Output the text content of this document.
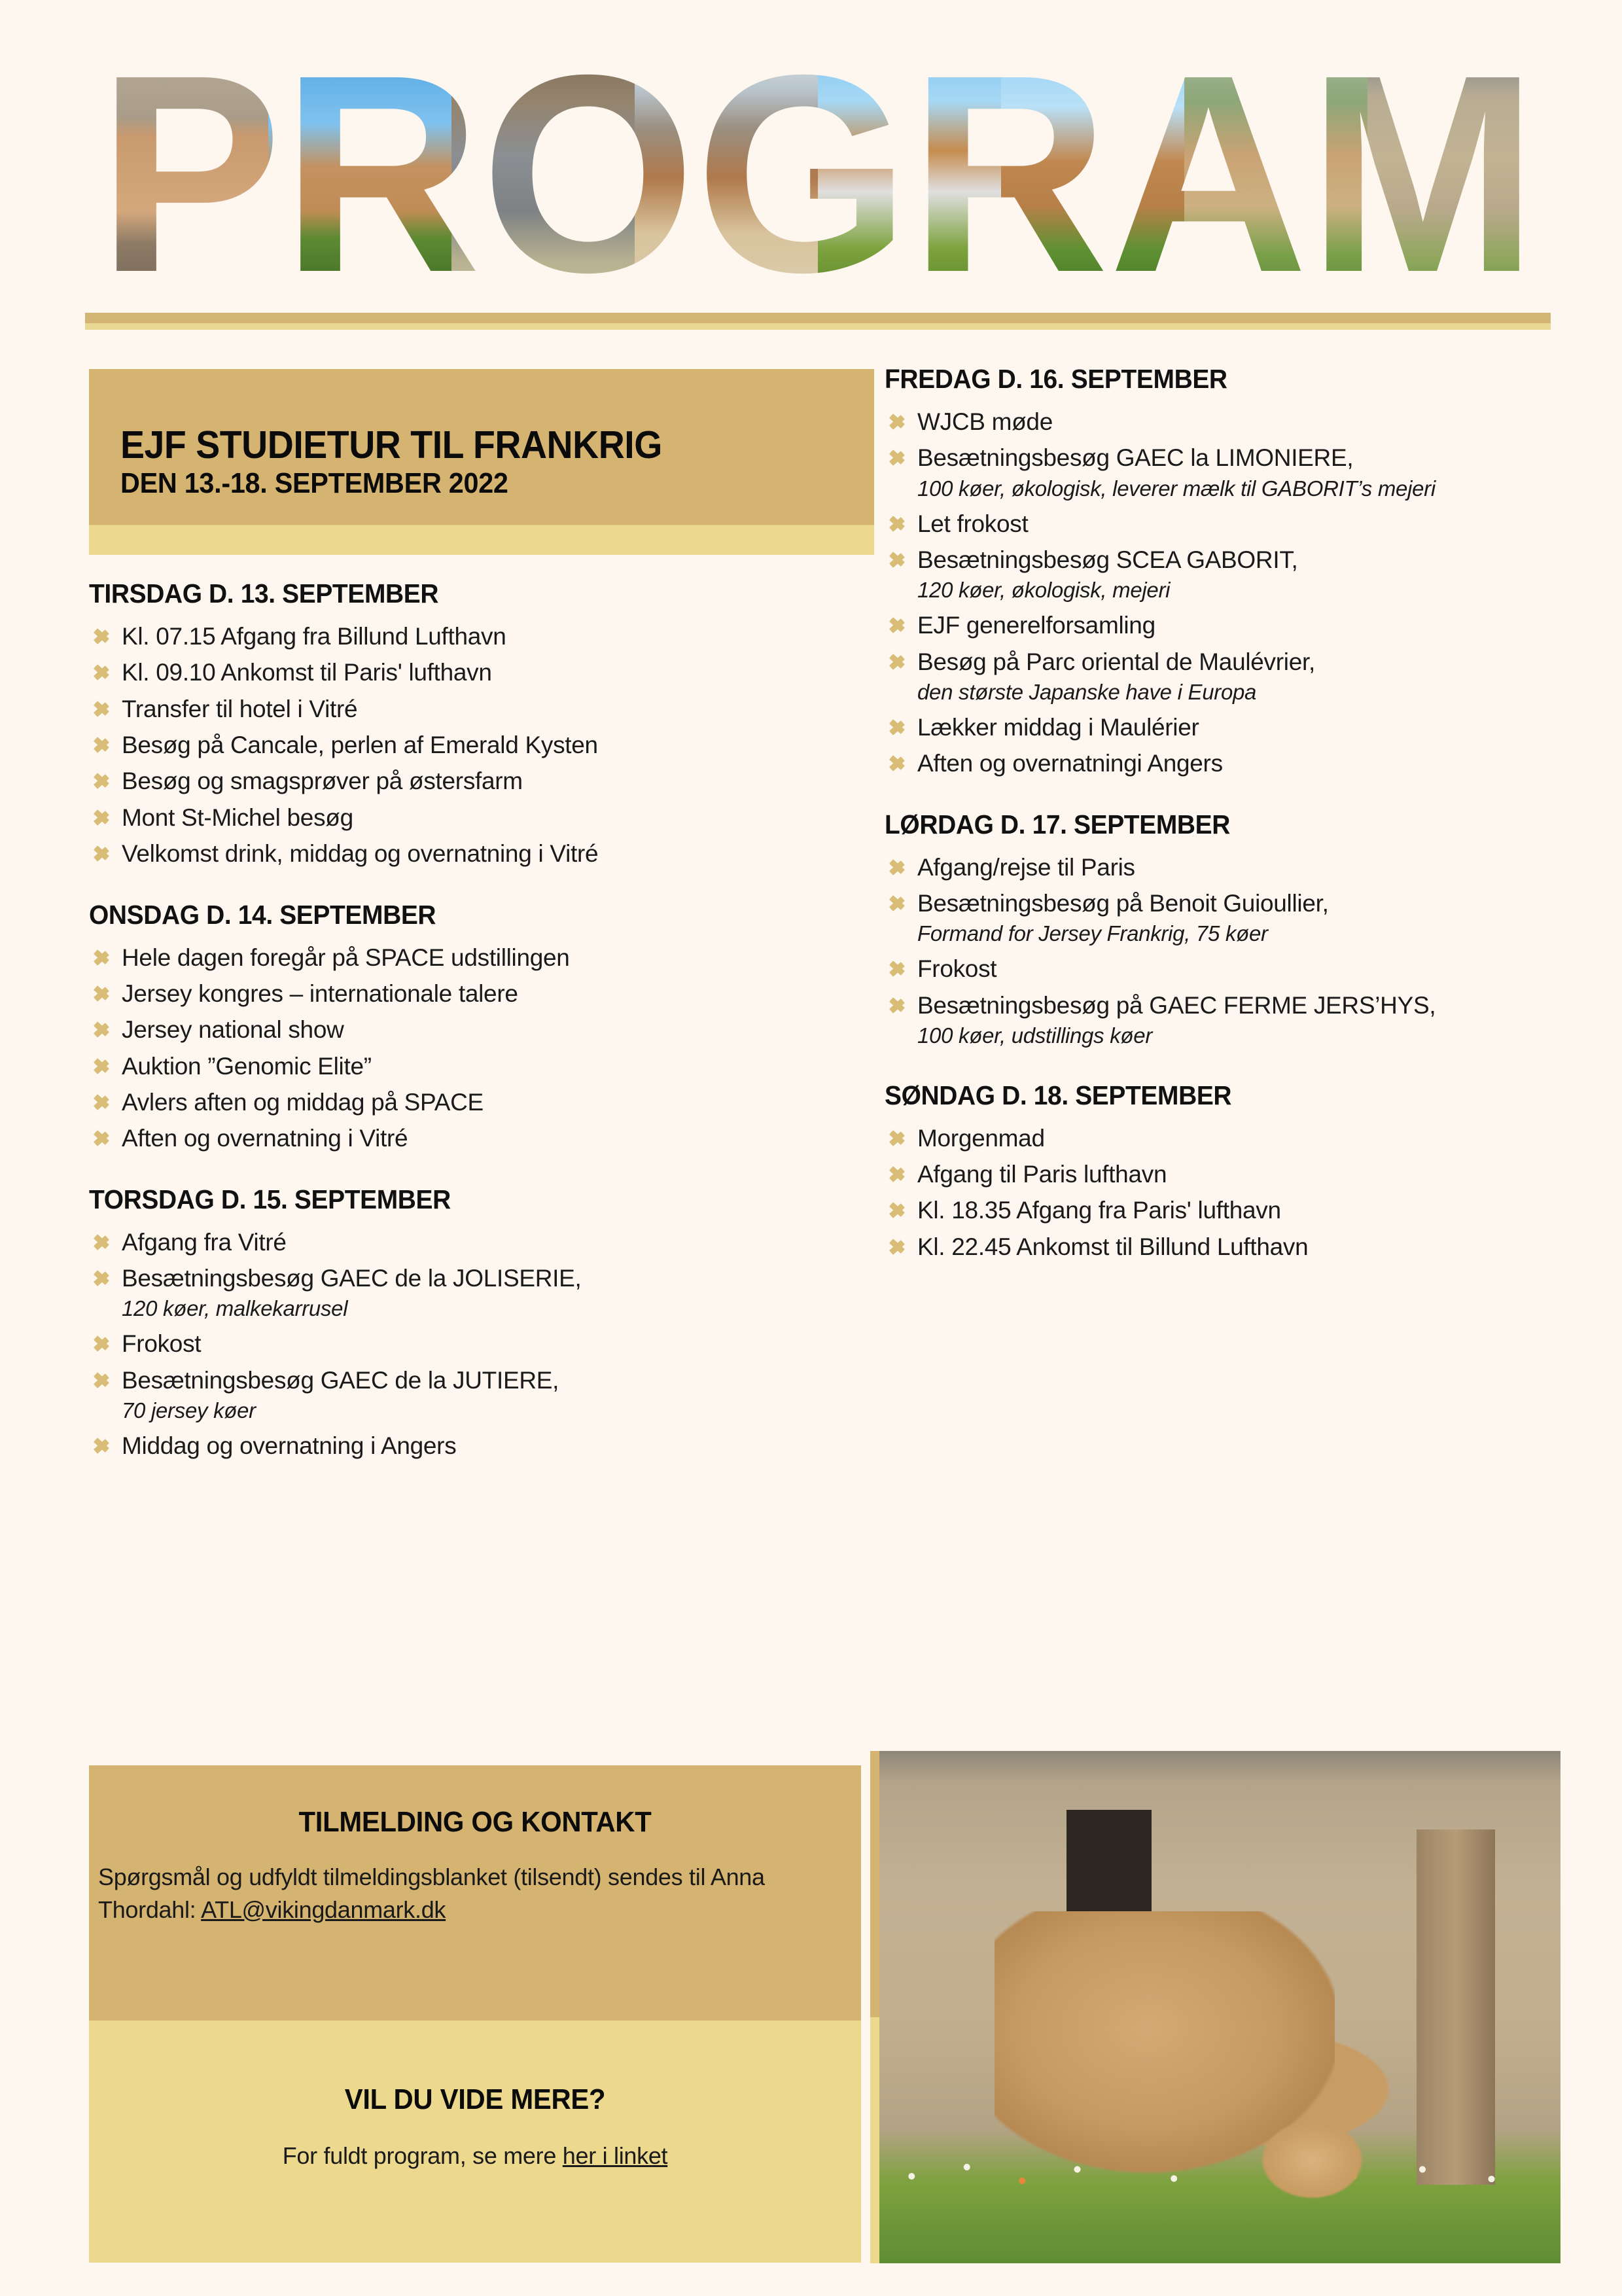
EJF STUDIETUR TIL FRANKRIG
DEN 13.-18. SEPTEMBER 2022
TIRSDAG D. 13. SEPTEMBER
Kl. 07.15 Afgang fra Billund Lufthavn
Kl. 09.10 Ankomst til Paris' lufthavn
Transfer til hotel i Vitré
Besøg på Cancale, perlen af Emerald Kysten
Besøg og smagsprøver på østersfarm
Mont St-Michel besøg
Velkomst drink, middag og overnatning i Vitré
ONSDAG D. 14. SEPTEMBER
Hele dagen foregår på SPACE udstillingen
Jersey kongres – internationale talere
Jersey national show
Auktion ”Genomic Elite”
Avlers aften og middag på SPACE
Aften og overnatning i Vitré
TORSDAG D. 15. SEPTEMBER
Afgang fra Vitré
Besætningsbesøg GAEC de la JOLISERIE,
120 køer, malkekarrusel
Frokost
Besætningsbesøg GAEC de la JUTIERE,
70 jersey køer
Middag og overnatning i Angers
FREDAG D. 16. SEPTEMBER
WJCB møde
Besætningsbesøg GAEC la LIMONIERE,
100 køer, økologisk, leverer mælk til GABORIT’s mejeri
Let frokost
Besætningsbesøg SCEA GABORIT,
120 køer, økologisk, mejeri
EJF generelforsamling
Besøg på Parc oriental de Maulévrier,
den største Japanske have i Europa
Lækker middag i Maulérier
Aften og overnatningi Angers
LØRDAG D. 17. SEPTEMBER
Afgang/rejse til Paris
Besætningsbesøg på Benoit Guioullier,
Formand for Jersey Frankrig, 75 køer
Frokost
Besætningsbesøg på GAEC FERME JERS’HYS,
100 køer, udstillings køer
SØNDAG D. 18. SEPTEMBER
Morgenmad
Afgang til Paris lufthavn
Kl. 18.35 Afgang fra Paris' lufthavn
Kl. 22.45 Ankomst til Billund Lufthavn
TILMELDING OG KONTAKT
Spørgsmål og udfyldt tilmeldingsblanket (tilsendt) sendes til Anna Thordahl: ATL@vikingdanmark.dk
VIL DU VIDE MERE?
For fuldt program, se mere her i linket
